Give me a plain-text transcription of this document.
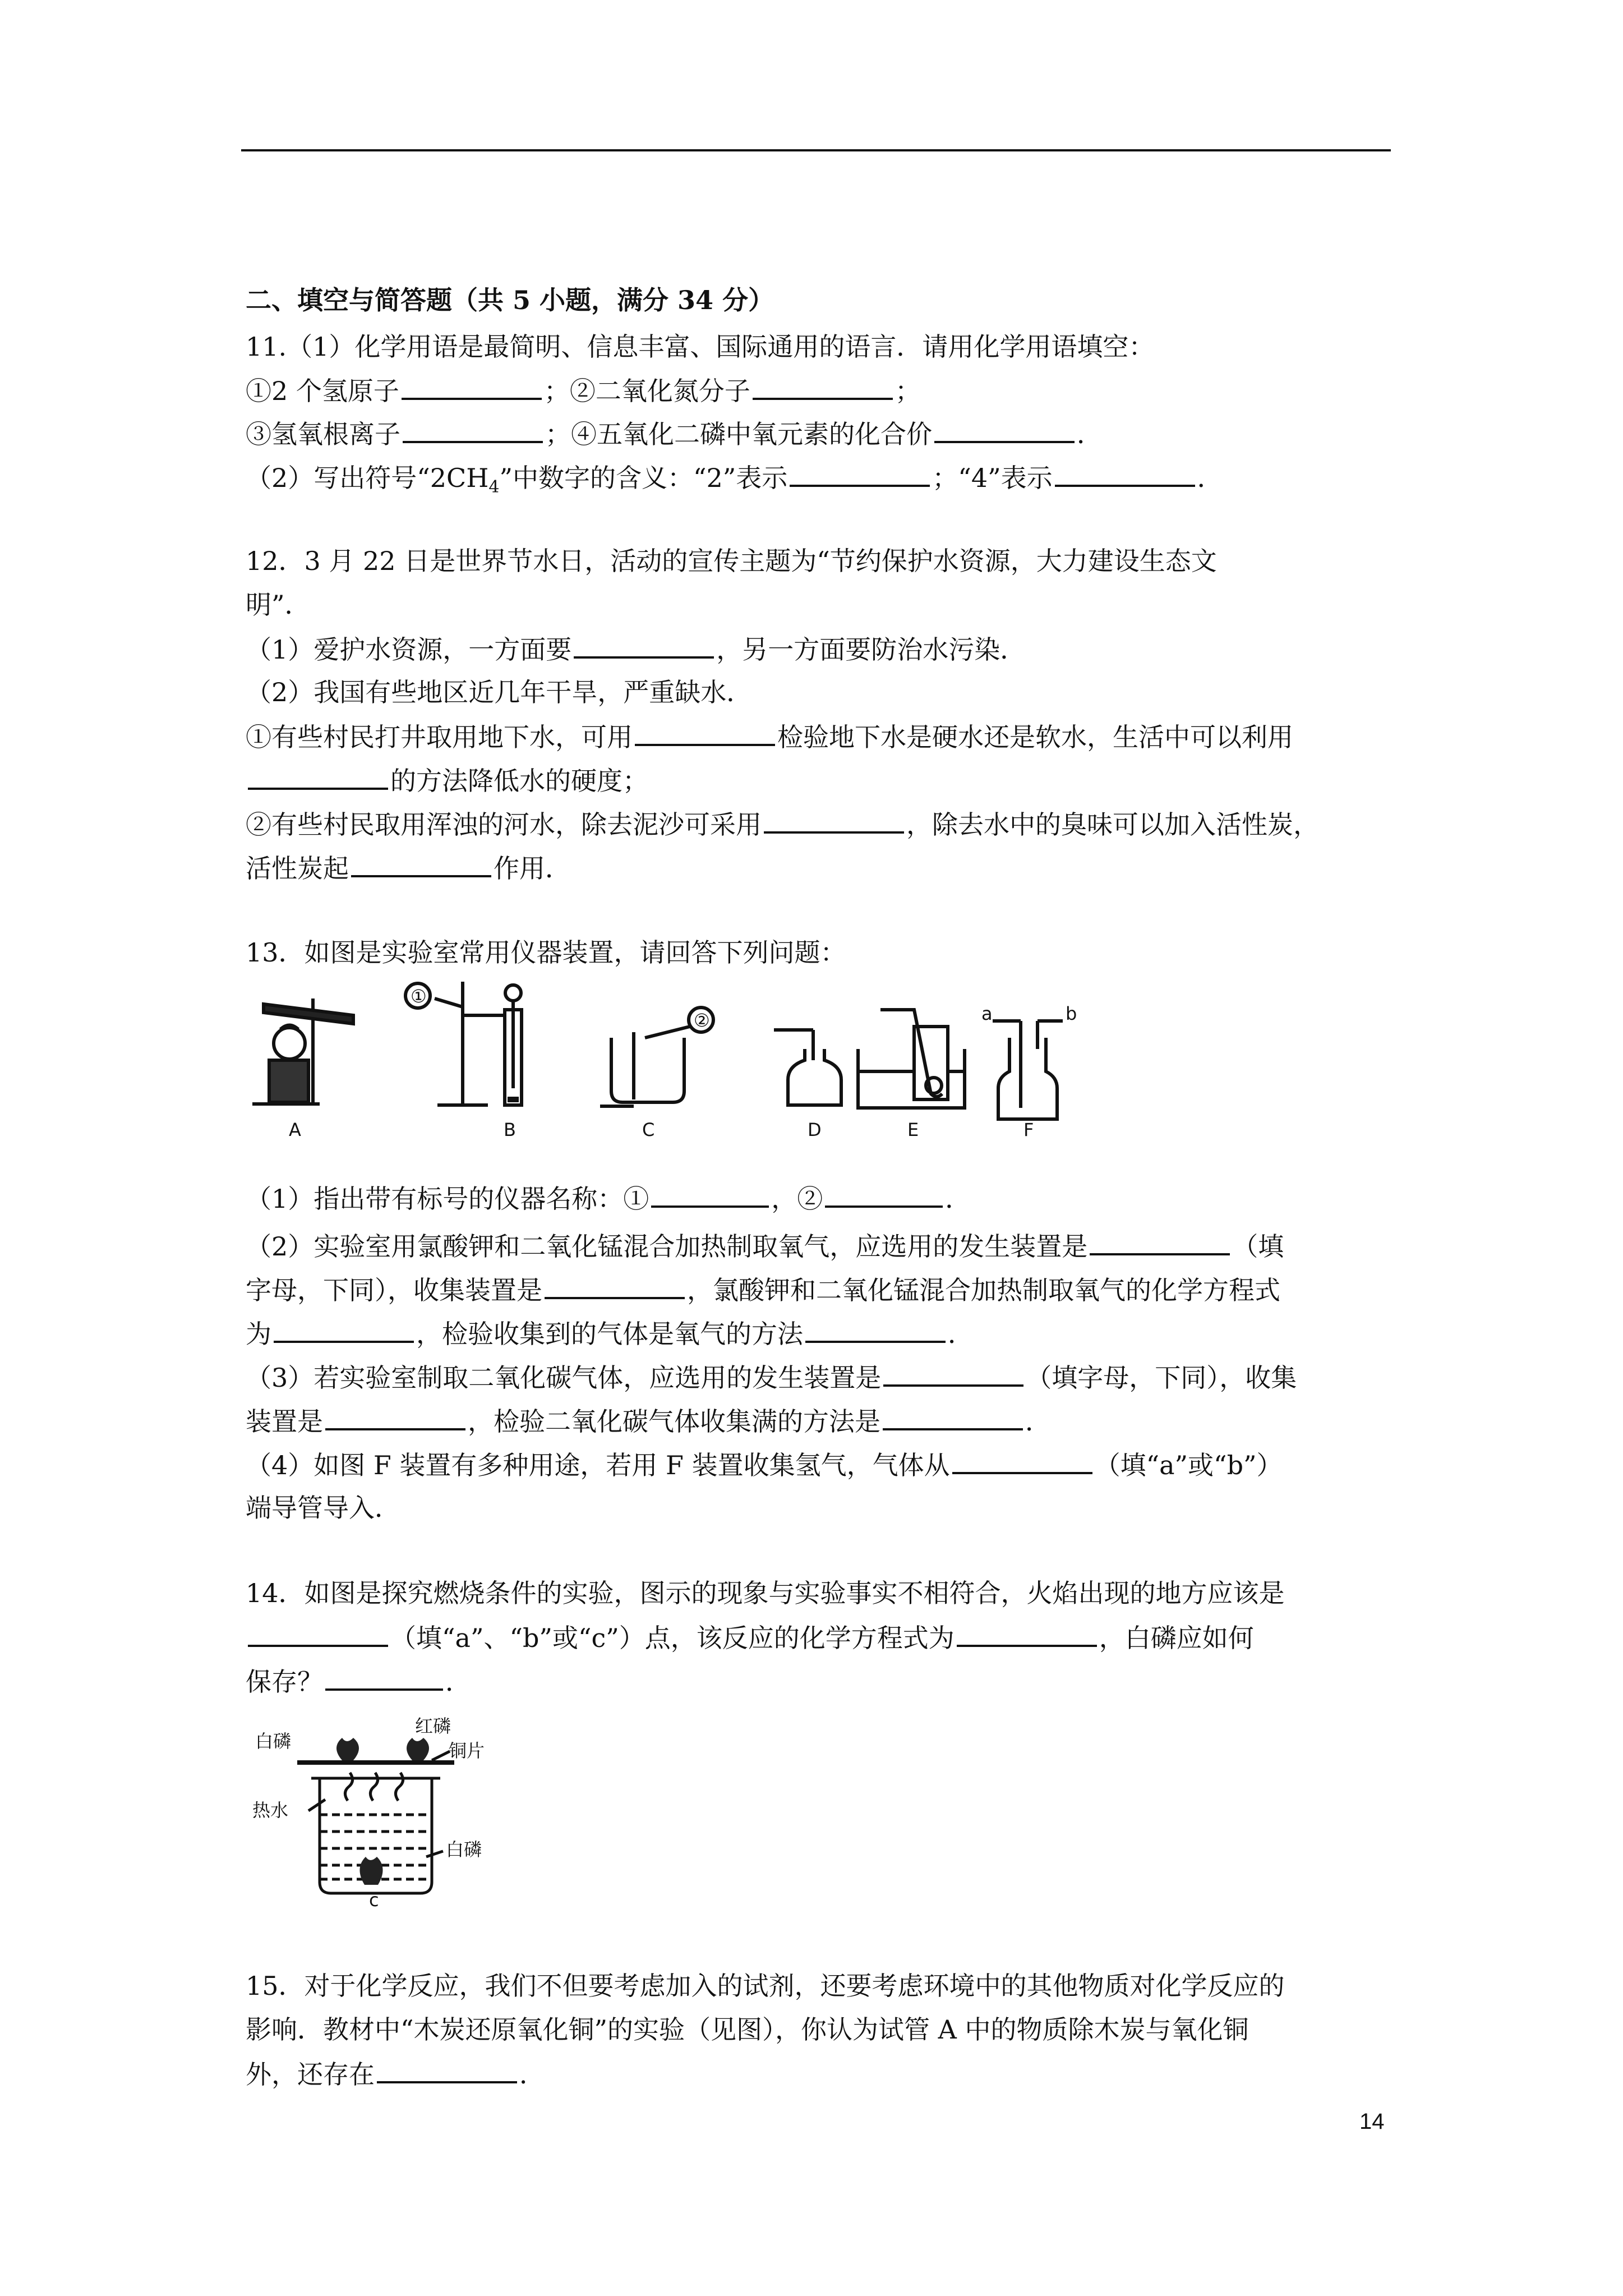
二、填空与简答题（共 5 小题，满分 34 分）
11.（1）化学用语是最简明、信息丰富、国际通用的语言．请用化学用语填空：
①2 个氢原子	；②二氧化氮分子	；
③氢氧根离子	；④五氧化二磷中氧元素的化合价	．
（2）写出符号“$2CH_4$”中数字的含义：“2”表示	；“4”表示	．
12．3 月 22 日是世界节水日，活动的宣传主题为“节约保护水资源，大力建设生态文
明”．
（1）爱护水资源，一方面要	，另一方面要防治水污染．
（2）我国有些地区近几年干旱，严重缺水．
①有些村民打井取用地下水，可用	检验地下水是硬水还是软水，生活中可以利用
的方法降低水的硬度；
②有些村民取用浑浊的河水，除去泥沙可采用	，除去水中的臭味可以加入活性炭，
活性炭起	作用．
13．如图是实验室常用仪器装置，请回答下列问题：
A	B	C	D	E	F
①
②	a	b
（1）指出带有标号的仪器名称：①	，②	．
（2）实验室用氯酸钾和二氧化锰混合加热制取氧气，应选用的发生装置是	（填
字母，下同），收集装置是	，氯酸钾和二氧化锰混合加热制取氧气的化学方程式
为	，检验收集到的气体是氧气的方法	．
（3）若实验室制取二氧化碳气体，应选用的发生装置是	（填字母，下同），收集
装置是	，检验二氧化碳气体收集满的方法是	．
（4）如图 F 装置有多种用途，若用 F 装置收集氢气，气体从	（填“a”或“b”）
端导管导入．
14．如图是探究燃烧条件的实验，图示的现象与实验事实不相符合，火焰出现的地方应该是
（填“a”、“b”或“c”）点，该反应的化学方程式为	，白磷应如何
保存？	．
白磷
红磷
铜片
热水
白磷
c
15．对于化学反应，我们不但要考虑加入的试剂，还要考虑环境中的其他物质对化学反应的
影响．教材中“木炭还原氧化铜”的实验（见图），你认为试管 A 中的物质除木炭与氧化铜
外，还存在	．
14
